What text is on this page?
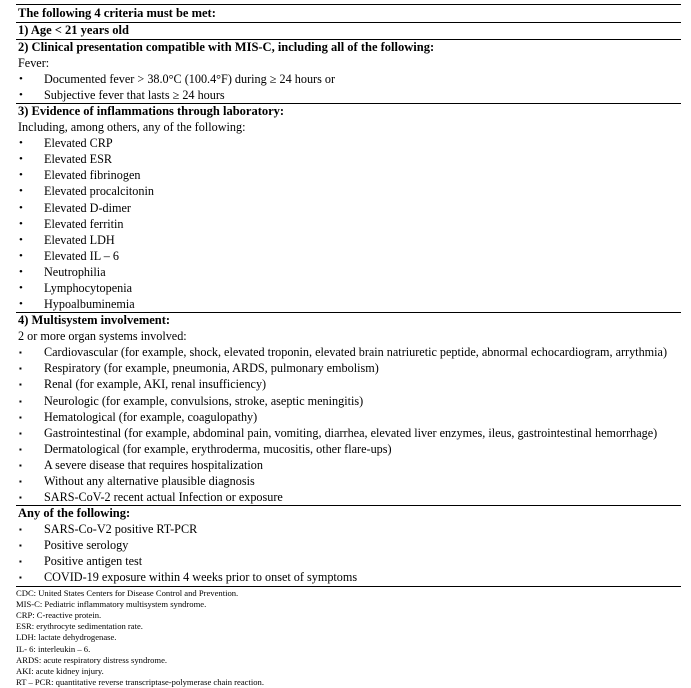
The following 4 criteria must be met:
1) Age < 21 years old

2) Clinical presentation compatible with MIS-C, including all of the following:
Fever:
• Documented fever > 38.0°C (100.4°F) during ≥ 24 hours or
• Subjective fever that lasts ≥ 24 hours

3) Evidence of inflammations through laboratory:
Including, among others, any of the following:
• Elevated CRP
• Elevated ESR
• Elevated fibrinogen
• Elevated procalcitonin
• Elevated D-dimer
• Elevated ferritin
• Elevated LDH
• Elevated IL – 6
• Neutrophilia
• Lymphocytopenia
• Hypoalbuminemia

4) Multisystem involvement:
2 or more organ systems involved:
▪ Cardiovascular (for example, shock, elevated troponin, elevated brain natriuretic peptide, abnormal echocardiogram, arrythmia)
▪ Respiratory (for example, pneumonia, ARDS, pulmonary embolism)
▪ Renal (for example, AKI, renal insufficiency)
▪ Neurologic (for example, convulsions, stroke, aseptic meningitis)
▪ Hematological (for example, coagulopathy)
▪ Gastrointestinal (for example, abdominal pain, vomiting, diarrhea, elevated liver enzymes, ileus, gastrointestinal hemorrhage)
▪ Dermatological (for example, erythroderma, mucositis, other flare-ups)
▪ A severe disease that requires hospitalization
▪ Without any alternative plausible diagnosis
▪ SARS-CoV-2 recent actual Infection or exposure

Any of the following:
▪ SARS-Co-V2 positive RT-PCR
▪ Positive serology
▪ Positive antigen test
▪ COVID-19 exposure within 4 weeks prior to onset of symptoms
CDC: United States Centers for Disease Control and Prevention.
MIS-C: Pediatric inflammatory multisystem syndrome.
CRP: C-reactive protein.
ESR: erythrocyte sedimentation rate.
LDH: lactate dehydrogenase.
IL- 6: interleukin – 6.
ARDS: acute respiratory distress syndrome.
AKI: acute kidney injury.
RT – PCR: quantitative reverse transcriptase-polymerase chain reaction.
